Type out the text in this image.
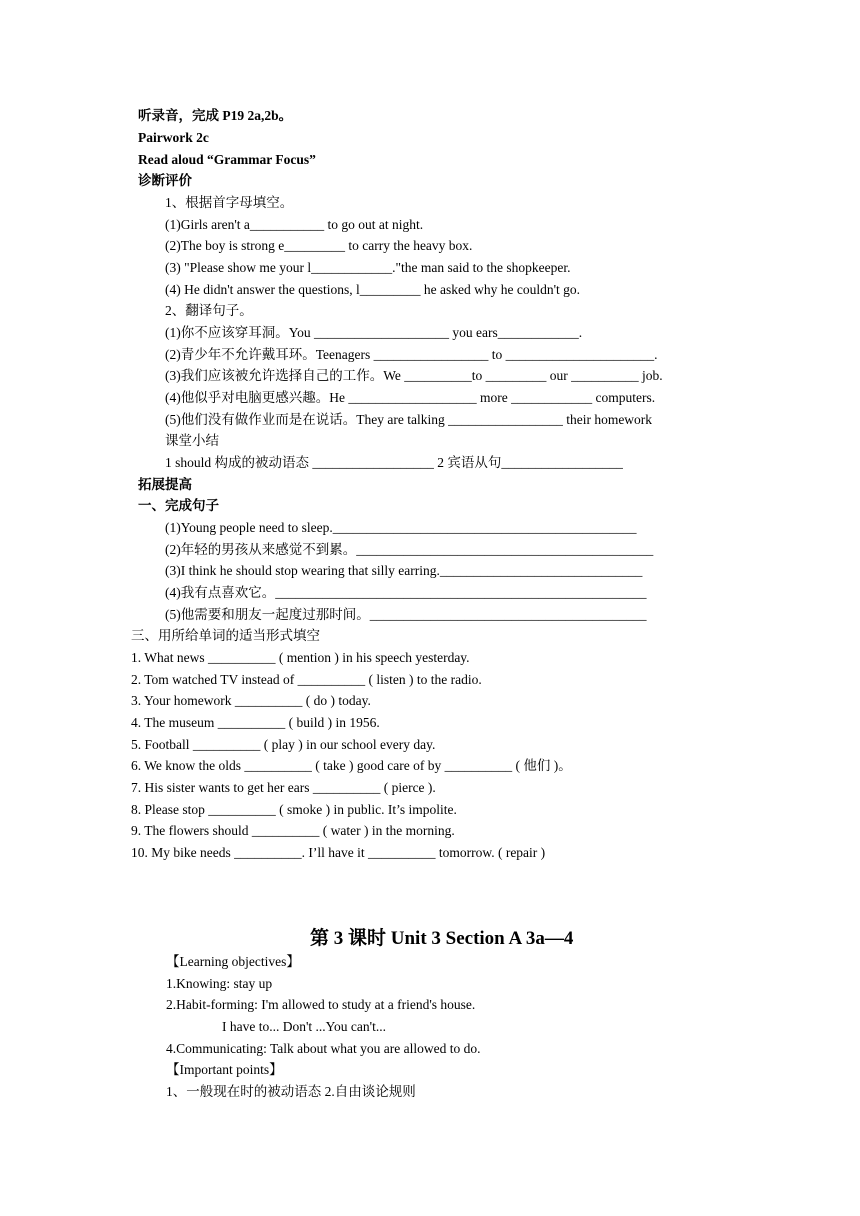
听录音，完成 P19 2a,2b。
Pairwork 2c
Read aloud “Grammar Focus”
诊断评价
1、根据首字母填空。
(1)Girls aren't a___________ to go out at night.
(2)The boy is strong e_________ to carry the heavy box.
(3) "Please show me your l____________."the man said to the shopkeeper.
(4) He didn't answer the questions, l_________ he asked why he couldn't go.
2、翻译句子。
(1)你不应该穿耳洞。You ____________________ you ears____________.
(2)青少年不允许戴耳环。Teenagers _________________ to ______________________.
(3)我们应该被允许选择自己的工作。We __________to _________ our __________ job.
(4)他似乎对电脑更感兴趣。He ___________________ more ____________ computers.
(5)他们没有做作业而是在说话。They are talking _________________ their homework
课堂小结
1 should 构成的被动语态 __________________ 2 宾语从句__________________
拓展提高
一、完成句子
(1)Young people need to sleep._____________________________________________
(2)年轻的男孩从来感觉不到累。____________________________________________
(3)I think he should stop wearing that silly earring.______________________________
(4)我有点喜欢它。_______________________________________________________
(5)他需要和朋友一起度过那时间。_________________________________________
三、用所给单词的适当形式填空
1. What news __________ ( mention ) in his speech yesterday.
2. Tom watched TV instead of __________ ( listen ) to the radio.
3. Your homework __________ ( do ) today.
4. The museum __________ ( build ) in 1956.
5. Football __________ ( play ) in our school every day.
6. We know the olds __________ ( take ) good care of by __________ ( 他们 )。
7. His sister wants to get her ears __________ ( pierce ).
8. Please stop __________ ( smoke ) in public. It’s impolite.
9. The flowers should __________ ( water ) in the morning.
10. My bike needs __________. I’ll have it __________ tomorrow. ( repair )
第 3 课时 Unit 3 Section A 3a—4
【Learning objectives】
1.Knowing: stay up
2.Habit-forming: I'm allowed to study at a friend's house.
I have to... Don't ...You can't...
4.Communicating: Talk about what you are allowed to do.
【Important points】
1、一般现在时的被动语态 2.自由谈论规则
